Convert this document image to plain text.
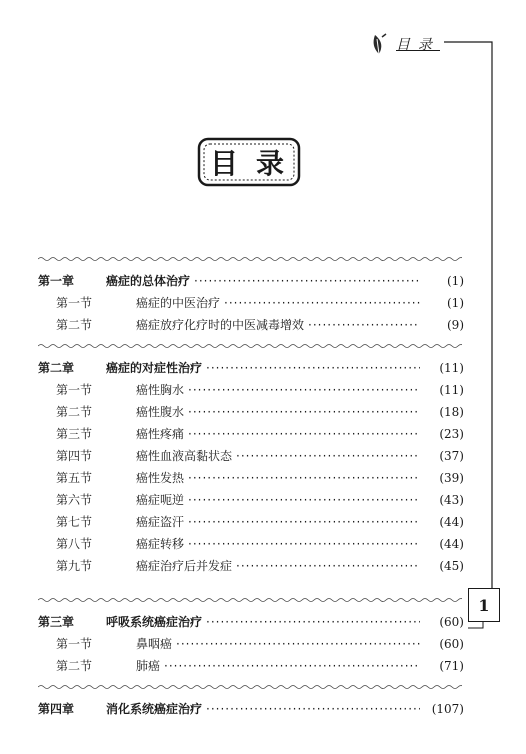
目录
目录
第一章	癌症的总体治疗 ·····	(1)
第一节	癌症的中医治疗 ·····	(1)
第二节	癌症放疗化疗时的中医减毒增效 ·····	(9)
第二章	癌症的对症性治疗 ·····	(11)
第一节	癌性胸水 ·····	(11)
第二节	癌性腹水 ·····	(18)
第三节	癌性疼痛 ·····	(23)
第四节	癌性血液高黏状态 ·····	(37)
第五节	癌性发热 ·····	(39)
第六节	癌症呃逆 ·····	(43)
第七节	癌症盗汗 ·····	(44)
第八节	癌症转移 ·····	(44)
第九节	癌症治疗后并发症 ·····	(45)
第三章	呼吸系统癌症治疗 ·····	(60)
第一节	鼻咽癌 ·····	(60)
第二节	肺癌 ·····	(71)
第四章	消化系统癌症治疗 ·····	(107)
1
